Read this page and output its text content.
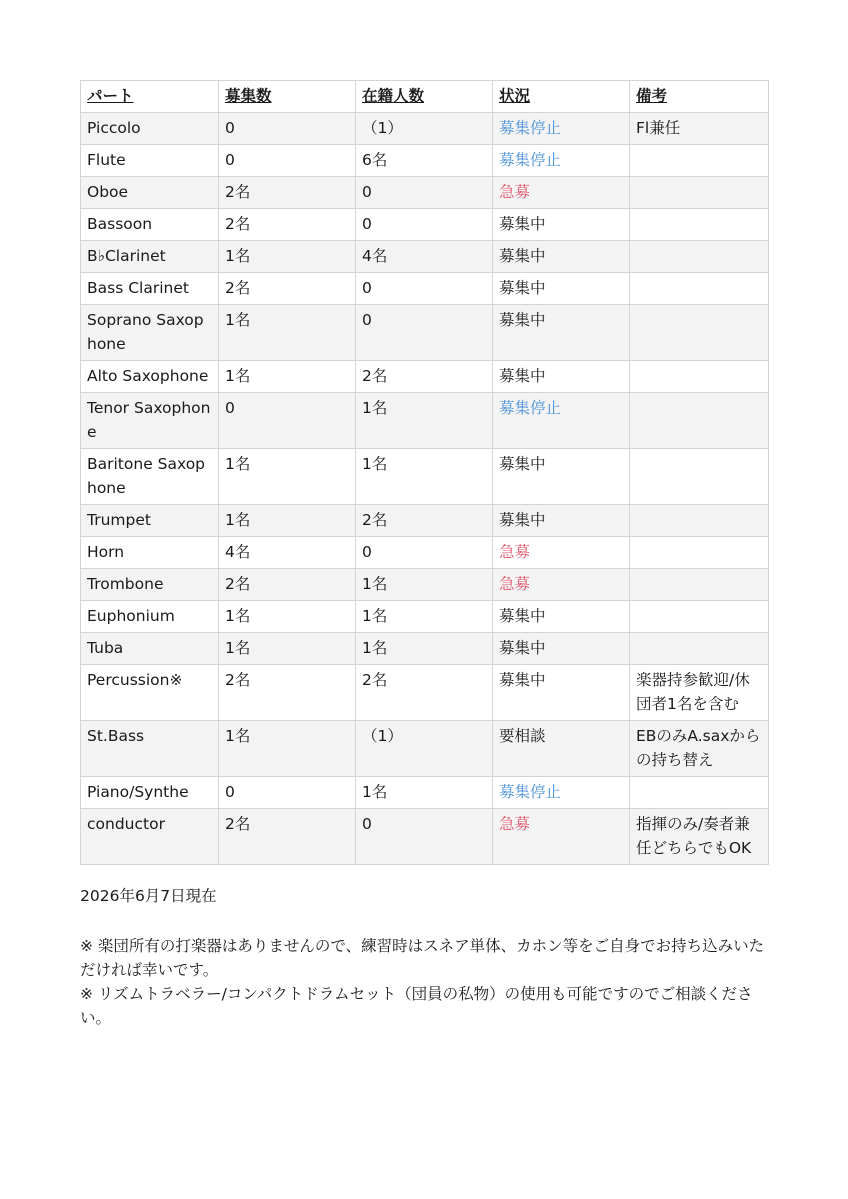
パート	募集数	在籍人数	状況	備考
Piccolo	0	（1）	募集停止	Fl兼任
Flute	0	6名	募集停止	
Oboe	2名	0	急募	
Bassoon	2名	0	募集中	
B♭Clarinet	1名	4名	募集中	
Bass Clarinet	2名	0	募集中	
Soprano Saxophone	1名	0	募集中	
Alto Saxophone	1名	2名	募集中	
Tenor Saxophone	0	1名	募集停止	
Baritone Saxophone	1名	1名	募集中	
Trumpet	1名	2名	募集中	
Horn	4名	0	急募	
Trombone	2名	1名	急募	
Euphonium	1名	1名	募集中	
Tuba	1名	1名	募集中	
Percussion※	2名	2名	募集中	楽器持参歓迎/休団者1名を含む
St.Bass	1名	（1）	要相談	EBのみA.saxからの持ち替え
Piano/Synthe	0	1名	募集停止	
conductor	2名	0	急募	指揮のみ/奏者兼任どちらでもOK
2026年6月7日現在

※ 楽団所有の打楽器はありませんので、練習時はスネア単体、カホン等をご自身でお持ち込みいただければ幸いです。

※ リズムトラベラー/コンパクトドラムセット（団員の私物）の使用も可能ですのでご相談ください。
